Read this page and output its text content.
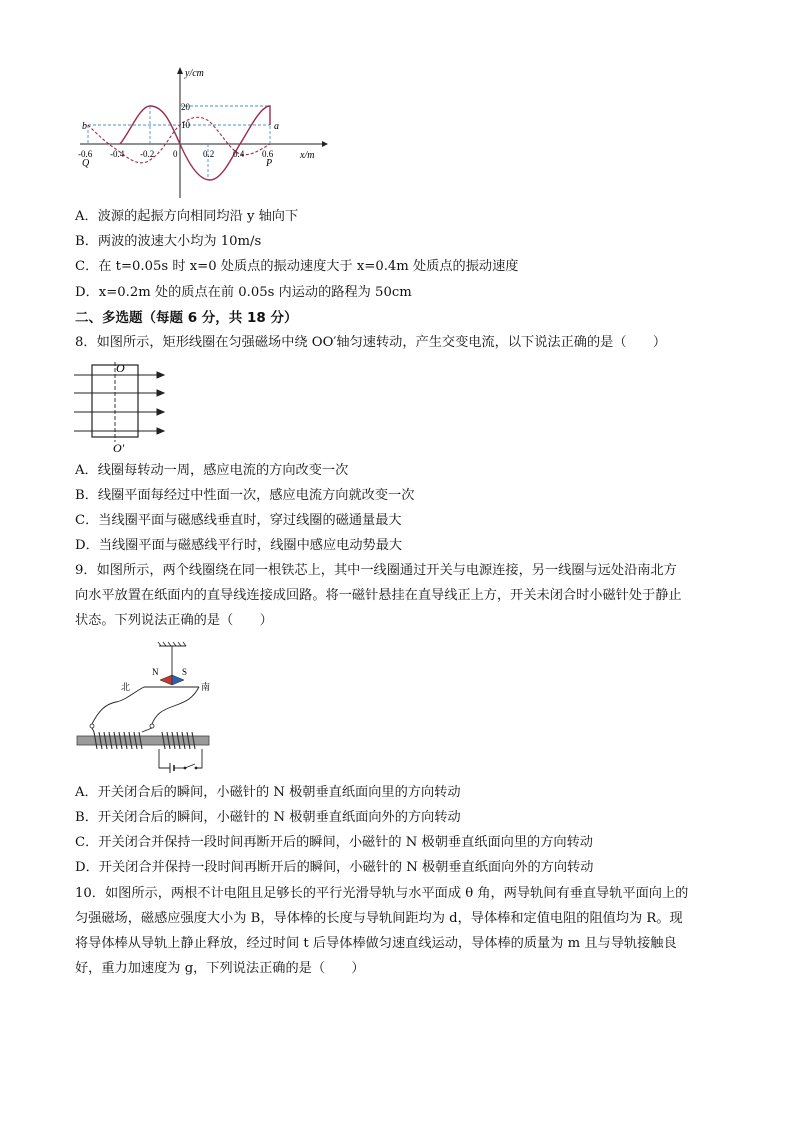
y/cm
x/m
20
10
-0.6 -0.4 -0.2 0	0.2 0.4 0.6
b	a
Q	P
A．波源的起振方向相同均沿 y 轴向下
B．两波的波速大小均为 10m/s
C．在 t=0.05s 时 x=0 处质点的振动速度大于 x=0.4m 处质点的振动速度
D．x=0.2m 处的质点在前 0.05s 内运动的路程为 50cm
二、多选题（每题 6 分，共 18 分）
8．如图所示，矩形线圈在匀强磁场中绕 OO′轴匀速转动，产生交变电流，以下说法正确的是（　　）
O
O′
A．线圈每转动一周，感应电流的方向改变一次
B．线圈平面每经过中性面一次，感应电流方向就改变一次
C．当线圈平面与磁感线垂直时，穿过线圈的磁通量最大
D．当线圈平面与磁感线平行时，线圈中感应电动势最大
9．如图所示，两个线圈绕在同一根铁芯上，其中一线圈通过开关与电源连接，另一线圈与远处沿南北方
向水平放置在纸面内的直导线连接成回路。将一磁针悬挂在直导线正上方，开关未闭合时小磁针处于静止
状态。下列说法正确的是（　　）
N	S
北	南
A．开关闭合后的瞬间，小磁针的 N 极朝垂直纸面向里的方向转动
B．开关闭合后的瞬间，小磁针的 N 极朝垂直纸面向外的方向转动
C．开关闭合并保持一段时间再断开后的瞬间，小磁针的 N 极朝垂直纸面向里的方向转动
D．开关闭合并保持一段时间再断开后的瞬间，小磁针的 N 极朝垂直纸面向外的方向转动
10．如图所示，两根不计电阻且足够长的平行光滑导轨与水平面成 θ 角，两导轨间有垂直导轨平面向上的
匀强磁场，磁感应强度大小为 B，导体棒的长度与导轨间距均为 d，导体棒和定值电阻的阻值均为 R。现
将导体棒从导轨上静止释放，经过时间 t 后导体棒做匀速直线运动，导体棒的质量为 m 且与导轨接触良
好，重力加速度为 g，下列说法正确的是（　　）
